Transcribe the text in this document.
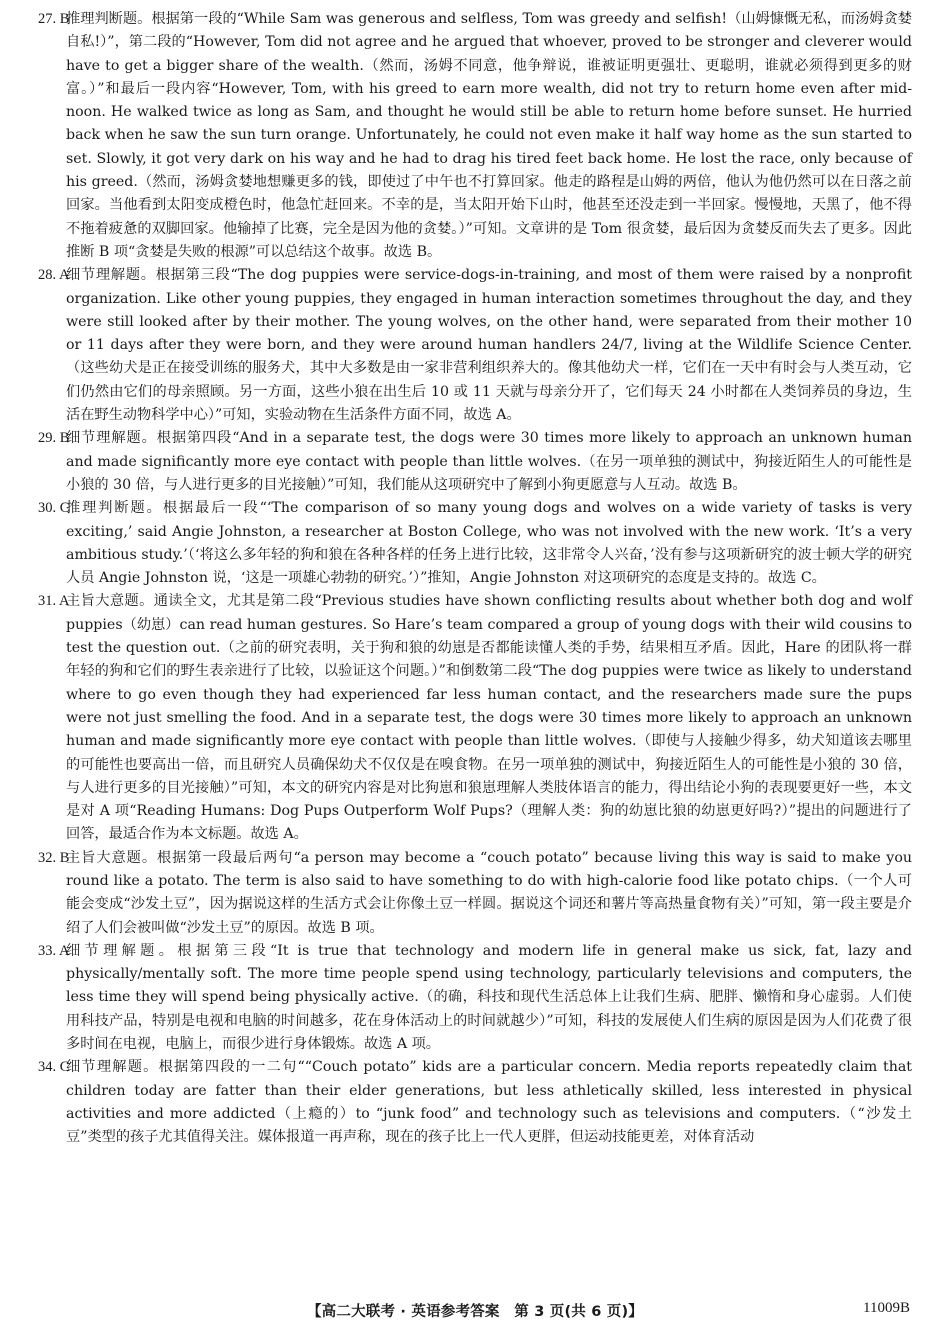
27. B
推理判断题。根据第一段的“While Sam was generous and selfless, Tom was greedy and selfish!（山姆慷慨无私，而汤姆贪婪自私!）”，第二段的“However, Tom did not agree and he argued that whoever, proved to be stronger and cleverer would have to get a bigger share of the wealth.（然而，汤姆不同意，他争辩说，谁被证明更强壮、更聪明，谁就必须得到更多的财富。）”和最后一段内容“However, Tom, with his greed to earn more wealth, did not try to return home even after mid-noon. He walked twice as long as Sam, and thought he would still be able to return home before sunset. He hurried back when he saw the sun turn orange. Unfortunately, he could not even make it half way home as the sun started to set. Slowly, it got very dark on his way and he had to drag his tired feet back home. He lost the race, only because of his greed.（然而，汤姆贪婪地想赚更多的钱，即使过了中午也不打算回家。他走的路程是山姆的两倍，他认为他仍然可以在日落之前回家。当他看到太阳变成橙色时，他急忙赶回来。不幸的是，当太阳开始下山时，他甚至还没走到一半回家。慢慢地，天黑了，他不得不拖着疲惫的双脚回家。他输掉了比赛，完全是因为他的贪婪。）”可知。文章讲的是 Tom 很贪婪，最后因为贪婪反而失去了更多。因此推断 B 项“贪婪是失败的根源”可以总结这个故事。故选 B。
28. A
细节理解题。根据第三段“The dog puppies were service-dogs-in-training, and most of them were raised by a nonprofit organization. Like other young puppies, they engaged in human interaction sometimes throughout the day, and they were still looked after by their mother. The young wolves, on the other hand, were separated from their mother 10 or 11 days after they were born, and they were around human handlers 24/7, living at the Wildlife Science Center.（这些幼犬是正在接受训练的服务犬，其中大多数是由一家非营利组织养大的。像其他幼犬一样，它们在一天中有时会与人类互动，它们仍然由它们的母亲照顾。另一方面，这些小狼在出生后 10 或 11 天就与母亲分开了，它们每天 24 小时都在人类饲养员的身边，生活在野生动物科学中心）”可知，实验动物在生活条件方面不同，故选 A。
29. B
细节理解题。根据第四段“And in a separate test, the dogs were 30 times more likely to approach an unknown human and made significantly more eye contact with people than little wolves.（在另一项单独的测试中，狗接近陌生人的可能性是小狼的 30 倍，与人进行更多的目光接触）”可知，我们能从这项研究中了解到小狗更愿意与人互动。故选 B。
30. C
推理判断题。根据最后一段“‘The comparison of so many young dogs and wolves on a wide variety of tasks is very exciting,’ said Angie Johnston, a researcher at Boston College, who was not involved with the new work. ‘It’s a very ambitious study.’（‘将这么多年轻的狗和狼在各种各样的任务上进行比较，这非常令人兴奋，’没有参与这项新研究的波士顿大学的研究人员 Angie Johnston 说，‘这是一项雄心勃勃的研究。’）”推知，Angie Johnston 对这项研究的态度是支持的。故选 C。
31. A
主旨大意题。通读全文，尤其是第二段“Previous studies have shown conflicting results about whether both dog and wolf puppies（幼崽）can read human gestures. So Hare’s team compared a group of young dogs with their wild cousins to test the question out.（之前的研究表明，关于狗和狼的幼崽是否都能读懂人类的手势，结果相互矛盾。因此，Hare 的团队将一群年轻的狗和它们的野生表亲进行了比较，以验证这个问题。）”和倒数第二段“The dog puppies were twice as likely to understand where to go even though they had experienced far less human contact, and the researchers made sure the pups were not just smelling the food. And in a separate test, the dogs were 30 times more likely to approach an unknown human and made significantly more eye contact with people than little wolves.（即使与人接触少得多，幼犬知道该去哪里的可能性也要高出一倍，而且研究人员确保幼犬不仅仅是在嗅食物。在另一项单独的测试中，狗接近陌生人的可能性是小狼的 30 倍，与人进行更多的目光接触）”可知，本文的研究内容是对比狗崽和狼崽理解人类肢体语言的能力，得出结论小狗的表现要更好一些，本文是对 A 项“Reading Humans: Dog Pups Outperform Wolf Pups?（理解人类：狗的幼崽比狼的幼崽更好吗?）”提出的问题进行了回答，最适合作为本文标题。故选 A。
32. B
主旨大意题。根据第一段最后两句“a person may become a “couch potato” because living this way is said to make you round like a potato. The term is also said to have something to do with high-calorie food like potato chips.（一个人可能会变成“沙发土豆”，因为据说这样的生活方式会让你像土豆一样圆。据说这个词还和薯片等高热量食物有关）”可知，第一段主要是介绍了人们会被叫做“沙发土豆”的原因。故选 B 项。
33. A
细节理解题。根据第三段“It is true that technology and modern life in general make us sick, fat, lazy and physically/mentally soft. The more time people spend using technology, particularly televisions and computers, the less time they will spend being physically active.（的确，科技和现代生活总体上让我们生病、肥胖、懒惰和身心虚弱。人们使用科技产品，特别是电视和电脑的时间越多，花在身体活动上的时间就越少）”可知，科技的发展使人们生病的原因是因为人们花费了很多时间在电视，电脑上，而很少进行身体锻炼。故选 A 项。
34. C
细节理解题。根据第四段的一二句““Couch potato” kids are a particular concern. Media reports repeatedly claim that children today are fatter than their elder generations, but less athletically skilled, less interested in physical activities and more addicted（上瘾的）to “junk food” and technology such as televisions and computers.（“沙发土豆”类型的孩子尤其值得关注。媒体报道一再声称，现在的孩子比上一代人更胖，但运动技能更差，对体育活动
【高二大联考 · 英语参考答案　第 3 页(共 6 页)】	11009B
